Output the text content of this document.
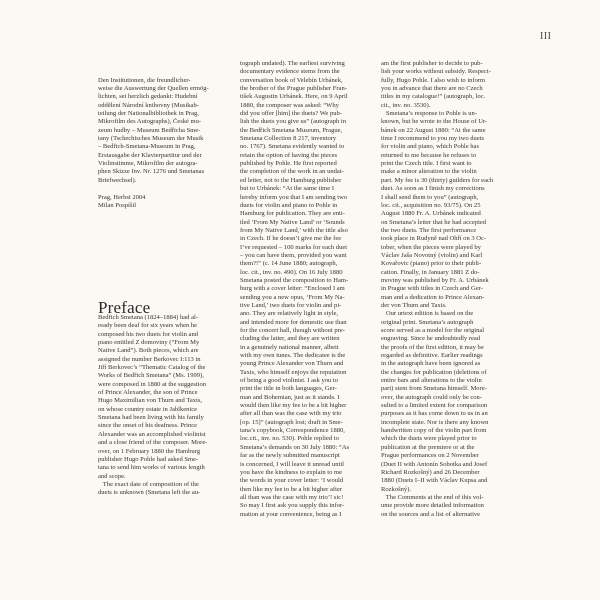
III

Den Institutionen, die freundlicher-
weise die Auswertung der Quellen ermög-
lichten, sei herzlich gedankt: Hudební
oddělení Národní knihovny (Musikab-
teilung der Nationalbibliothek in Prag,
Mikrofilm des Autographs), České mu-
zeum hudby – Museum Bedřicha Sme-
tany (Tschechisches Museum der Musik
– Bedřich-Smetana-Museum in Prag,
Erstausgabe der Klavierpartitur und der
Violinstimme, Mikrofilm der autogra-
phen Skizze Inv. Nr. 1276 und Smetanas
Briefwechsel).

Prag, Herbst 2004
Milan Pospíšil

Bedřich Smetana (1824–1884) had al-
ready been deaf for six years when he
composed his two duets for violin and
piano entitled Z domoviny (“From My
Native Land”). Both pieces, which are
assigned the number Berkovec I:113 in
Jiří Berkovec’s “Thematic Catalog of the
Works of Bedřich Smetana” (Ms. 1999),
were composed in 1880 at the suggestion
of Prince Alexander, the son of Prince
Hugo Maximilian von Thurn and Taxis,
on whose country estate in Jablkenice
Smetana had been living with his family
since the onset of his deafness. Prince
Alexander was an accomplished violinist
and a close friend of the composer. More-
over, on 1 February 1880 the Hamburg
publisher Hugo Pohle had asked Sme-
tana to send him works of various length
and scope.
The exact date of composition of the
duets is unknown (Smetana left the au-

Preface
tograph undated). The earliest surviving
documentary evidence stems from the
conversation book of Velebín Urbánek,
the brother of the Prague publisher Fran-
tišek Augustin Urbánek. Here, on 9 April
1880, the composer was asked: “Why
did you offer [him] the duets? We pub-
lish the duets you give us” (autograph in
the Bedřich Smetana Museum, Prague,
Smetana Collection 8 217, inventory
no. 1767). Smetana evidently wanted to
retain the option of having the pieces
published by Pohle. He first reported
the completion of the work in an undat-
ed letter, not to the Hamburg publisher
but to Urbánek: “At the same time I
hereby inform you that I am sending two
duets for violin and piano to Pohle in
Hamburg for publication. They are enti-
tled ‘From My Native Land’ or ‘Sounds
from My Native Land,’ with the title also
in Czech. If he doesn’t give me the fee
I’ve requested – 100 marks for each duet
– you can have them, provided you want
them?!” (c. 14 June 1880; autograph,
loc. cit., inv. no. 490). On 16 July 1880
Smetana posted the composition to Ham-
burg with a cover letter: “Enclosed I am
sending you a new opus, ‘From My Na-
tive Land,’ two duets for violin and pi-
ano. They are relatively light in style,
and intended more for domestic use than
for the concert hall, though without pre-
cluding the latter, and they are written
in a genuinely national manner, albeit
with my own tunes. The dedicatee is the
young Prince Alexander von Thurn and
Taxis, who himself enjoys the reputation
of being a good violinist. I ask you to
print the title in both languages, Ger-
man and Bohemian, just as it stands. I
would then like my fee to be a bit higher
after all than was the case with my trio
[op. 15]” (autograph lost; draft in Sme-
tana’s copybook, Correspondence 1880,
loc.cit., inv. no. 530). Pohle replied to
Smetana’s demands on 30 July 1880: “As
far as the newly submitted manuscript
is concerned, I will leave it unread until
you have the kindness to explain to me
the words in your cover letter: ‘I would
then like my fee to be a bit higher after
all than was the case with my trio’! sic!
So may I first ask you supply this infor-
mation at your convenience, being as I
am the first publisher to decide to pub-
lish your works without subsidy. Respect-
fully, Hugo Pohle. I also wish to inform
you in advance that there are no Czech
titles in my catalogue!” (autograph, loc.
cit., inv. no. 3530).
Smetana’s response to Pohle is un-
known, but he wrote to the House of Ur-
bánek on 22 August 1880: “At the same
time I recommend to you my two duets
for violin and piano, which Pohle has
returned to me because he refuses to
print the Czech title. I first want to
make a minor alteration to the violin
part. My fee is 30 (thirty) guilders for each
duet. As soon as I finish my corrections
I shall send them to you” (autograph,
loc. cit., acquisition no. 93/75). On 25
August 1880 Fr. A. Urbánek indicated
on Smetana’s letter that he had accepted
the two duets. The first performance
took place in Rudyně nad Ohří on 3 Oc-
tober, when the pieces were played by
Václav Jaša Novotný (violin) and Karl
Kovařovic (piano) prior to their publi-
cation. Finally, in January 1881 Z do-
moviny was published by Fr. A. Urbánek
in Prague with titles in Czech and Ger-
man and a dedication to Prince Alexan-
der von Thurn and Taxis.
Our urtext edition is based on the
original print. Smetana’s autograph
score served as a model for the original
engraving. Since he undoubtedly read
the proofs of the first edition, it may be
regarded as definitive. Earlier readings
in the autograph have been ignored as
the changes for publication (deletions of
entire bars and alterations to the violin
part) stem from Smetana himself. More-
over, the autograph could only be con-
sulted to a limited extent for comparison
purposes as it has come down to us in an
incomplete state. Nor is there any known
handwritten copy of the violin part from
which the duets were played prior to
publication at the premiere or at the
Prague performances on 2 November
(Duet II with Antonín Sobotka and Josef
Richard Rozkošný) and 26 December
1880 (Duets I–II with Václav Kupsa and
Rozkošný).
The Comments at the end of this vol-
ume provide more detailed information
on the sources and a list of alternative
